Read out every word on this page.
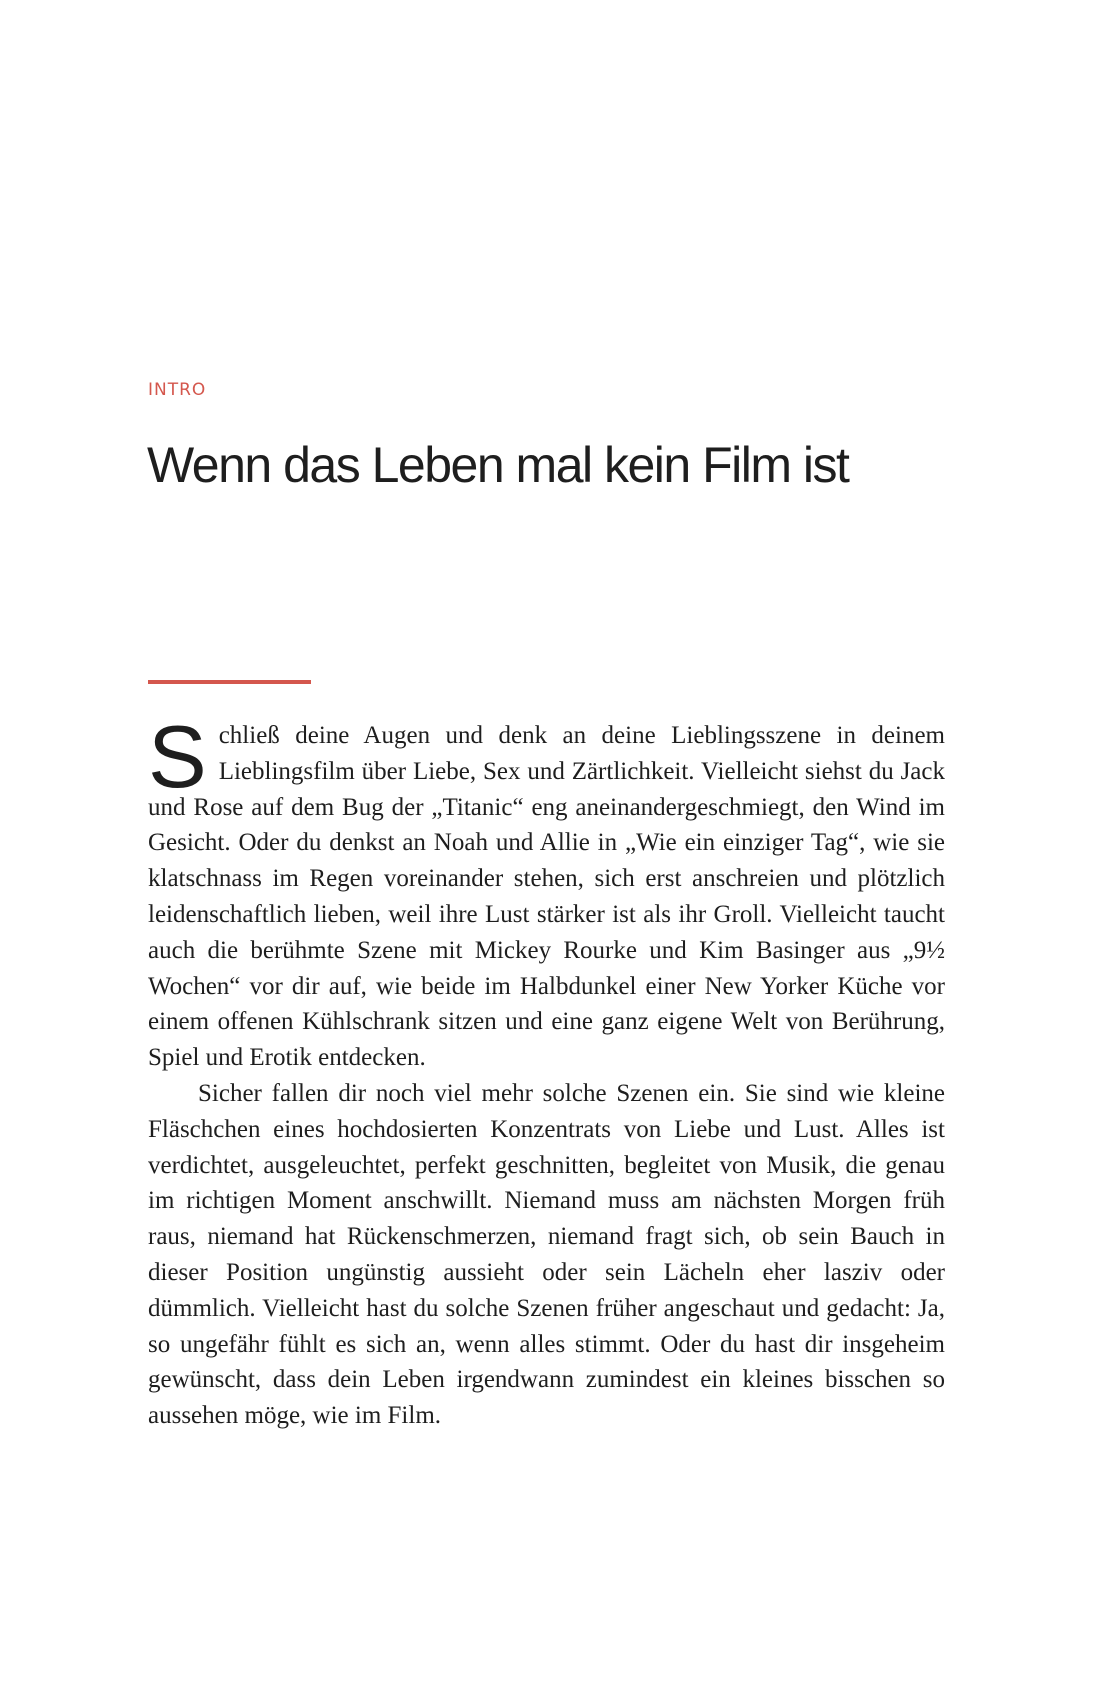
INTRO
Wenn das Leben mal kein Film ist

S chließ deine Augen und denk an deine Lieblingsszene in deinem Lieblingsfilm über Liebe, Sex und Zärtlichkeit. Vielleicht siehst du Jack und Rose auf dem Bug der „Titanic“ eng aneinandergeschmiegt, den Wind im Gesicht. Oder du denkst an Noah und Allie in „Wie ein einziger Tag“, wie sie klatschnass im Regen voreinander stehen, sich erst anschreien und plötzlich leidenschaftlich lieben, weil ihre Lust stärker ist als ihr Groll. Vielleicht taucht auch die berühmte Szene mit Mickey Rourke und Kim Basinger aus „9½ Wochen“ vor dir auf, wie beide im Halbdunkel einer New Yorker Küche vor einem offenen Kühlschrank sitzen und eine ganz eigene Welt von Berührung, Spiel und Erotik entdecken.

Sicher fallen dir noch viel mehr solche Szenen ein. Sie sind wie kleine Fläschchen eines hochdosierten Konzentrats von Liebe und Lust. Alles ist verdichtet, ausgeleuchtet, perfekt geschnitten, begleitet von Musik, die genau im richtigen Moment anschwillt. Niemand muss am nächsten Morgen früh raus, niemand hat Rückenschmerzen, niemand fragt sich, ob sein Bauch in dieser Position ungünstig aussieht oder sein Lächeln eher lasziv oder dümmlich. Vielleicht hast du solche Szenen früher angeschaut und gedacht: Ja, so ungefähr fühlt es sich an, wenn alles stimmt. Oder du hast dir insgeheim gewünscht, dass dein Leben irgendwann zumindest ein kleines bisschen so aussehen möge, wie im Film.
